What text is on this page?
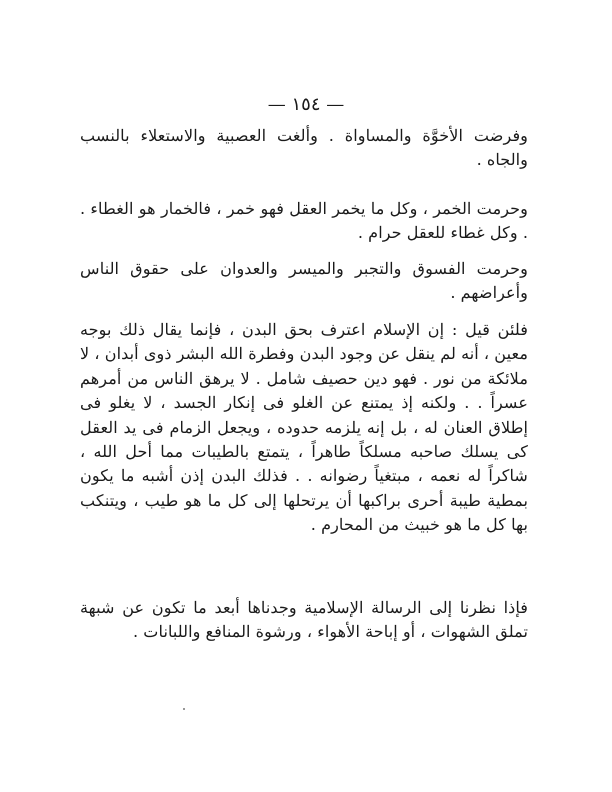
— ١٥٤ —

وفرضت الأخوَّة والمساواة . وألغت العصبية والاستعلاء بالنسب والجاه .

وحرمت الخمر ، وكل ما يخمر العقل فهو خمر ، فالخمار هو الغطاء . . وكل غطاء للعقل حرام .

وحرمت الفسوق والتجبر والميسر والعدوان على حقوق الناس وأعراضهم .

فلئن قيل : إن الإسلام اعترف بحق البدن ، فإنما يقال ذلك بوجه معين ، أنه لم ينقل عن وجود البدن وفطرة الله البشر ذوى أبدان ، لا ملائكة من نور . فهو دين حصيف شامل . لا يرهق الناس من أمرهم عسراً . . ولكنه إذ يمتنع عن الغلو فى إنكار الجسد ، لا يغلو فى إطلاق العنان له ، بل إنه يلزمه حدوده ، ويجعل الزمام فى يد العقل كى يسلك صاحبه مسلكاً طاهراً ، يتمتع بالطيبات مما أحل الله ، شاكراً له نعمه ، مبتغياً رضوانه . . فذلك البدن إذن أشبه ما يكون بمطية طيبة أحرى براكبها أن يرتحلها إلى كل ما هو طيب ، ويتنكب بها كل ما هو خبيث من المحارم .

فإذا نظرنا إلى الرسالة الإسلامية وجدناها أبعد ما تكون عن شبهة تملق الشهوات ، أو إباحة الأهواء ، ورشوة المنافع واللبانات .
